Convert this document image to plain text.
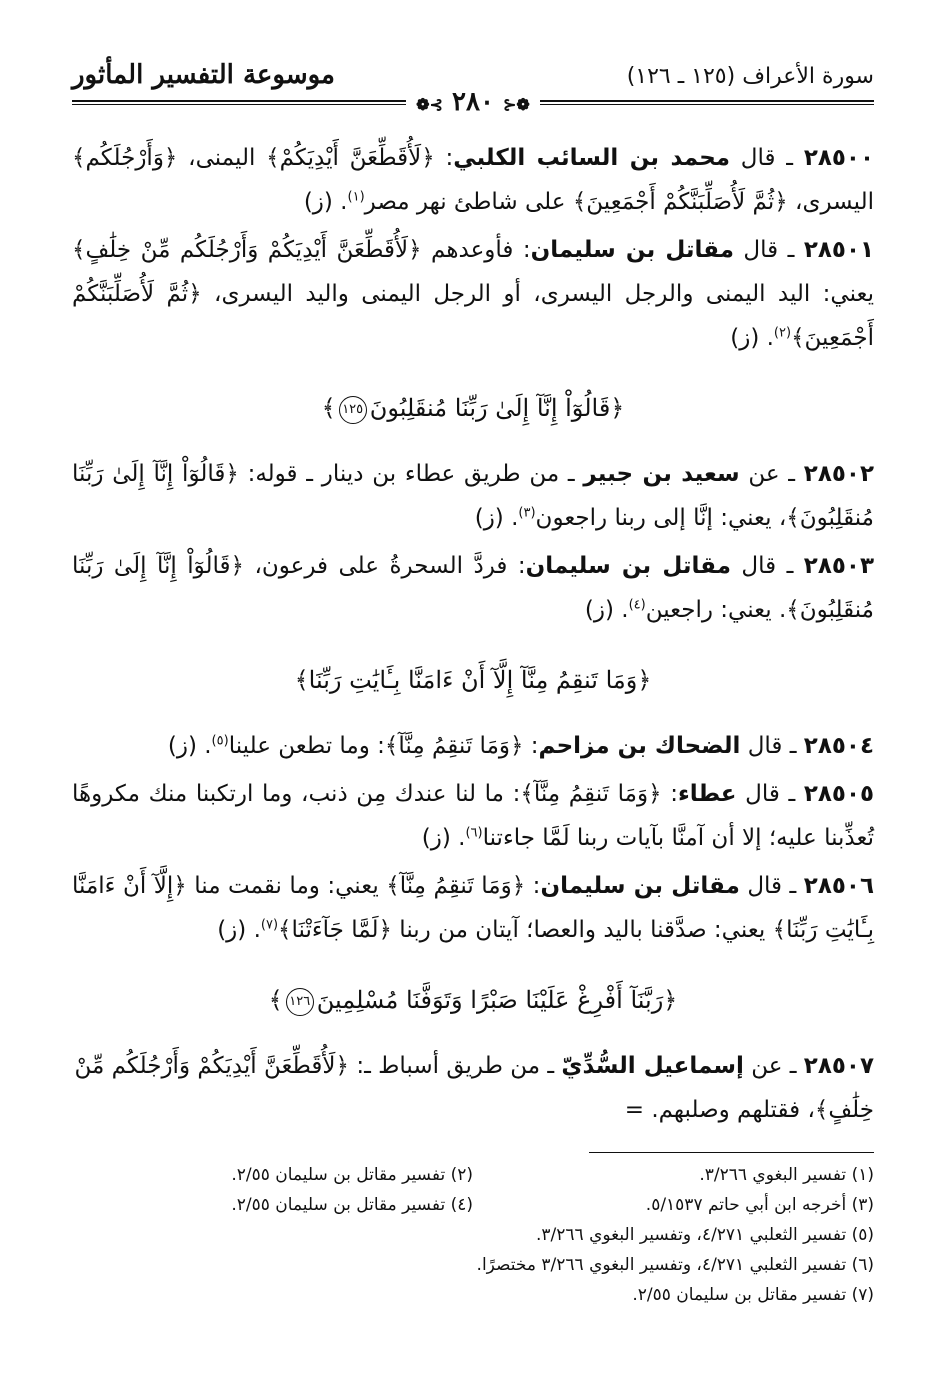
سورة الأعراف (١٢٥ ـ ١٢٦)
موسوعة التفسير المأثور
❁⊰ ٢٨٠ ⊱❁

٢٨٥٠٠ ـ قال محمد بن السائب الكلبي: ﴿لَأُقَطِّعَنَّ أَيْدِيَكُمْ﴾ اليمنى، ﴿وَأَرْجُلَكُم﴾ اليسرى، ﴿ثُمَّ لَأُصَلِّبَنَّكُمْ أَجْمَعِينَ﴾ على شاطئ نهر مصر$^{(١)}$. (ز)

٢٨٥٠١ ـ قال مقاتل بن سليمان: فأوعدهم ﴿لَأُقَطِّعَنَّ أَيْدِيَكُمْ وَأَرْجُلَكُم مِّنْ خِلَٰفٍ﴾ يعني: اليد اليمنى والرجل اليسرى، أو الرجل اليمنى واليد اليسرى، ﴿ثُمَّ لَأُصَلِّبَنَّكُمْ أَجْمَعِينَ﴾$^{(٢)}$. (ز)

﴿قَالُوٓاْ إِنَّآ إِلَىٰ رَبِّنَا مُنقَلِبُونَ١٢٥﴾

٢٨٥٠٢ ـ عن سعيد بن جبير ـ من طريق عطاء بن دينار ـ قوله: ﴿قَالُوٓاْ إِنَّآ إِلَىٰ رَبِّنَا مُنقَلِبُونَ﴾، يعني: إنَّا إلى ربنا راجعون$^{(٣)}$. (ز)

٢٨٥٠٣ ـ قال مقاتل بن سليمان: فردَّ السحرةُ على فرعون، ﴿قَالُوٓاْ إِنَّآ إِلَىٰ رَبِّنَا مُنقَلِبُونَ﴾. يعني: راجعين$^{(٤)}$. (ز)

﴿وَمَا تَنقِمُ مِنَّآ إِلَّآ أَنْ ءَامَنَّا بِـَٔايَٰتِ رَبِّنَا﴾

٢٨٥٠٤ ـ قال الضحاك بن مزاحم: ﴿وَمَا تَنقِمُ مِنَّآ﴾: وما تطعن علينا$^{(٥)}$. (ز)

٢٨٥٠٥ ـ قال عطاء: ﴿وَمَا تَنقِمُ مِنَّآ﴾: ما لنا عندك مِن ذنب، وما ارتكبنا منك مكروهًا تُعذِّبنا عليه؛ إلا أن آمنَّا بآيات ربنا لَمَّا جاءتنا$^{(٦)}$. (ز)

٢٨٥٠٦ ـ قال مقاتل بن سليمان: ﴿وَمَا تَنقِمُ مِنَّآ﴾ يعني: وما نقمت منا ﴿إِلَّآ أَنْ ءَامَنَّا بِـَٔايَٰتِ رَبِّنَا﴾ يعني: صدَّقنا باليد والعصا؛ آيتان من ربنا ﴿لَمَّا جَآءَتْنَا﴾$^{(٧)}$. (ز)

﴿رَبَّنَآ أَفْرِغْ عَلَيْنَا صَبْرًا وَتَوَفَّنَا مُسْلِمِينَ١٢٦﴾

٢٨٥٠٧ ـ عن إسماعيل السُّدِّيّ ـ من طريق أسباط ـ: ﴿لَأُقَطِّعَنَّ أَيْدِيَكُمْ وَأَرْجُلَكُم مِّنْ خِلَٰفٍ﴾، فقتلهم وصلبهم. =

(١) تفسير البغوي ٣/٢٦٦.
(٢) تفسير مقاتل بن سليمان ٢/٥٥.
(٣) أخرجه ابن أبي حاتم ٥/١٥٣٧.
(٤) تفسير مقاتل بن سليمان ٢/٥٥.
(٥) تفسير الثعلبي ٤/٢٧١، وتفسير البغوي ٣/٢٦٦.
(٦) تفسير الثعلبي ٤/٢٧١، وتفسير البغوي ٣/٢٦٦ مختصرًا.
(٧) تفسير مقاتل بن سليمان ٢/٥٥.
